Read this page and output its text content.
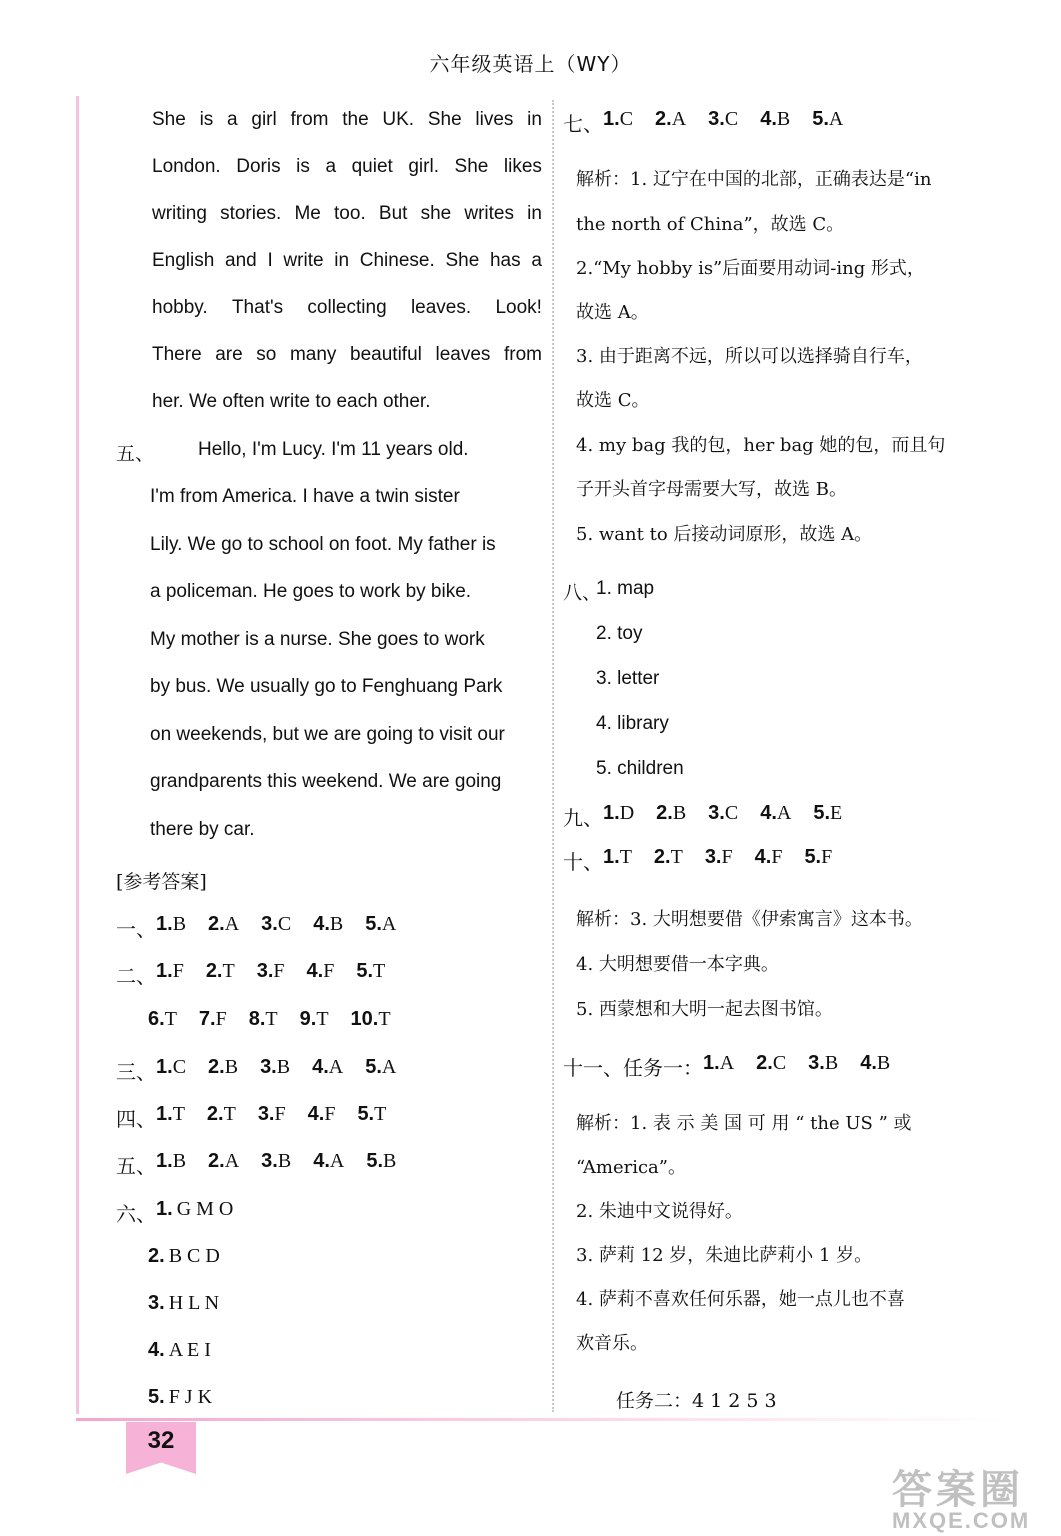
六年级英语上（WY）
She is a girl from the UK. She lives in
London. Doris is a quiet girl. She likes
writing stories. Me too. But she writes in
English and I write in Chinese. She has a
hobby. That's collecting leaves. Look!
There are so many beautiful leaves from
her. We often write to each other.
五、 Hello, I'm Lucy. I'm 11 years old.
I'm from America. I have a twin sister
Lily. We go to school on foot. My father is
a policeman. He goes to work by bike.
My mother is a nurse. She goes to work
by bus. We usually go to Fenghuang Park
on weekends, but we are going to visit our
grandparents this weekend. We are going
there by car.
[参考答案]
一、 1. B 2. A 3. C 4. B 5. A
二、 1. F 2. T 3. F 4. F 5. T
6. T 7. F 8. T 9. T 10. T
三、 1. C 2. B 3. B 4. A 5. A
四、 1. T 2. T 3. F 4. F 5. T
五、 1. B 2. A 3. B 4. A 5. B
六、 1. G M O
2. B C D
3. H L N
4. A E I
5. F J K
七、 1. C 2. A 3. C 4. B 5. A
解析：1. 辽宁在中国的北部，正确表达是“in
the north of China”，故选 C。
2.“My hobby is”后面要用动词-ing 形式，
故选 A。
3. 由于距离不远，所以可以选择骑自行车，
故选 C。
4. my bag 我的包，her bag 她的包，而且句
子开头首字母需要大写，故选 B。
5. want to 后接动词原形，故选 A。
八、
1. map
2. toy
3. letter
4. library
5. children
九、 1. D 2. B 3. C 4. A 5. E
十、 1. T 2. T 3. F 4. F 5. F
解析：3. 大明想要借《伊索寓言》这本书。
4. 大明想要借一本字典。
5. 西蒙想和大明一起去图书馆。
十一、 任务一： 1. A 2. C 3. B 4. B
解析：1. 表 示 美 国 可 用 “ the US ” 或
“America”。
2. 朱迪中文说得好。
3. 萨莉 12 岁，朱迪比萨莉小 1 岁。
4. 萨莉不喜欢任何乐器，她一点儿也不喜
欢音乐。
任务二：4 1 2 5 3
32
答案圈
MXQE.COM
